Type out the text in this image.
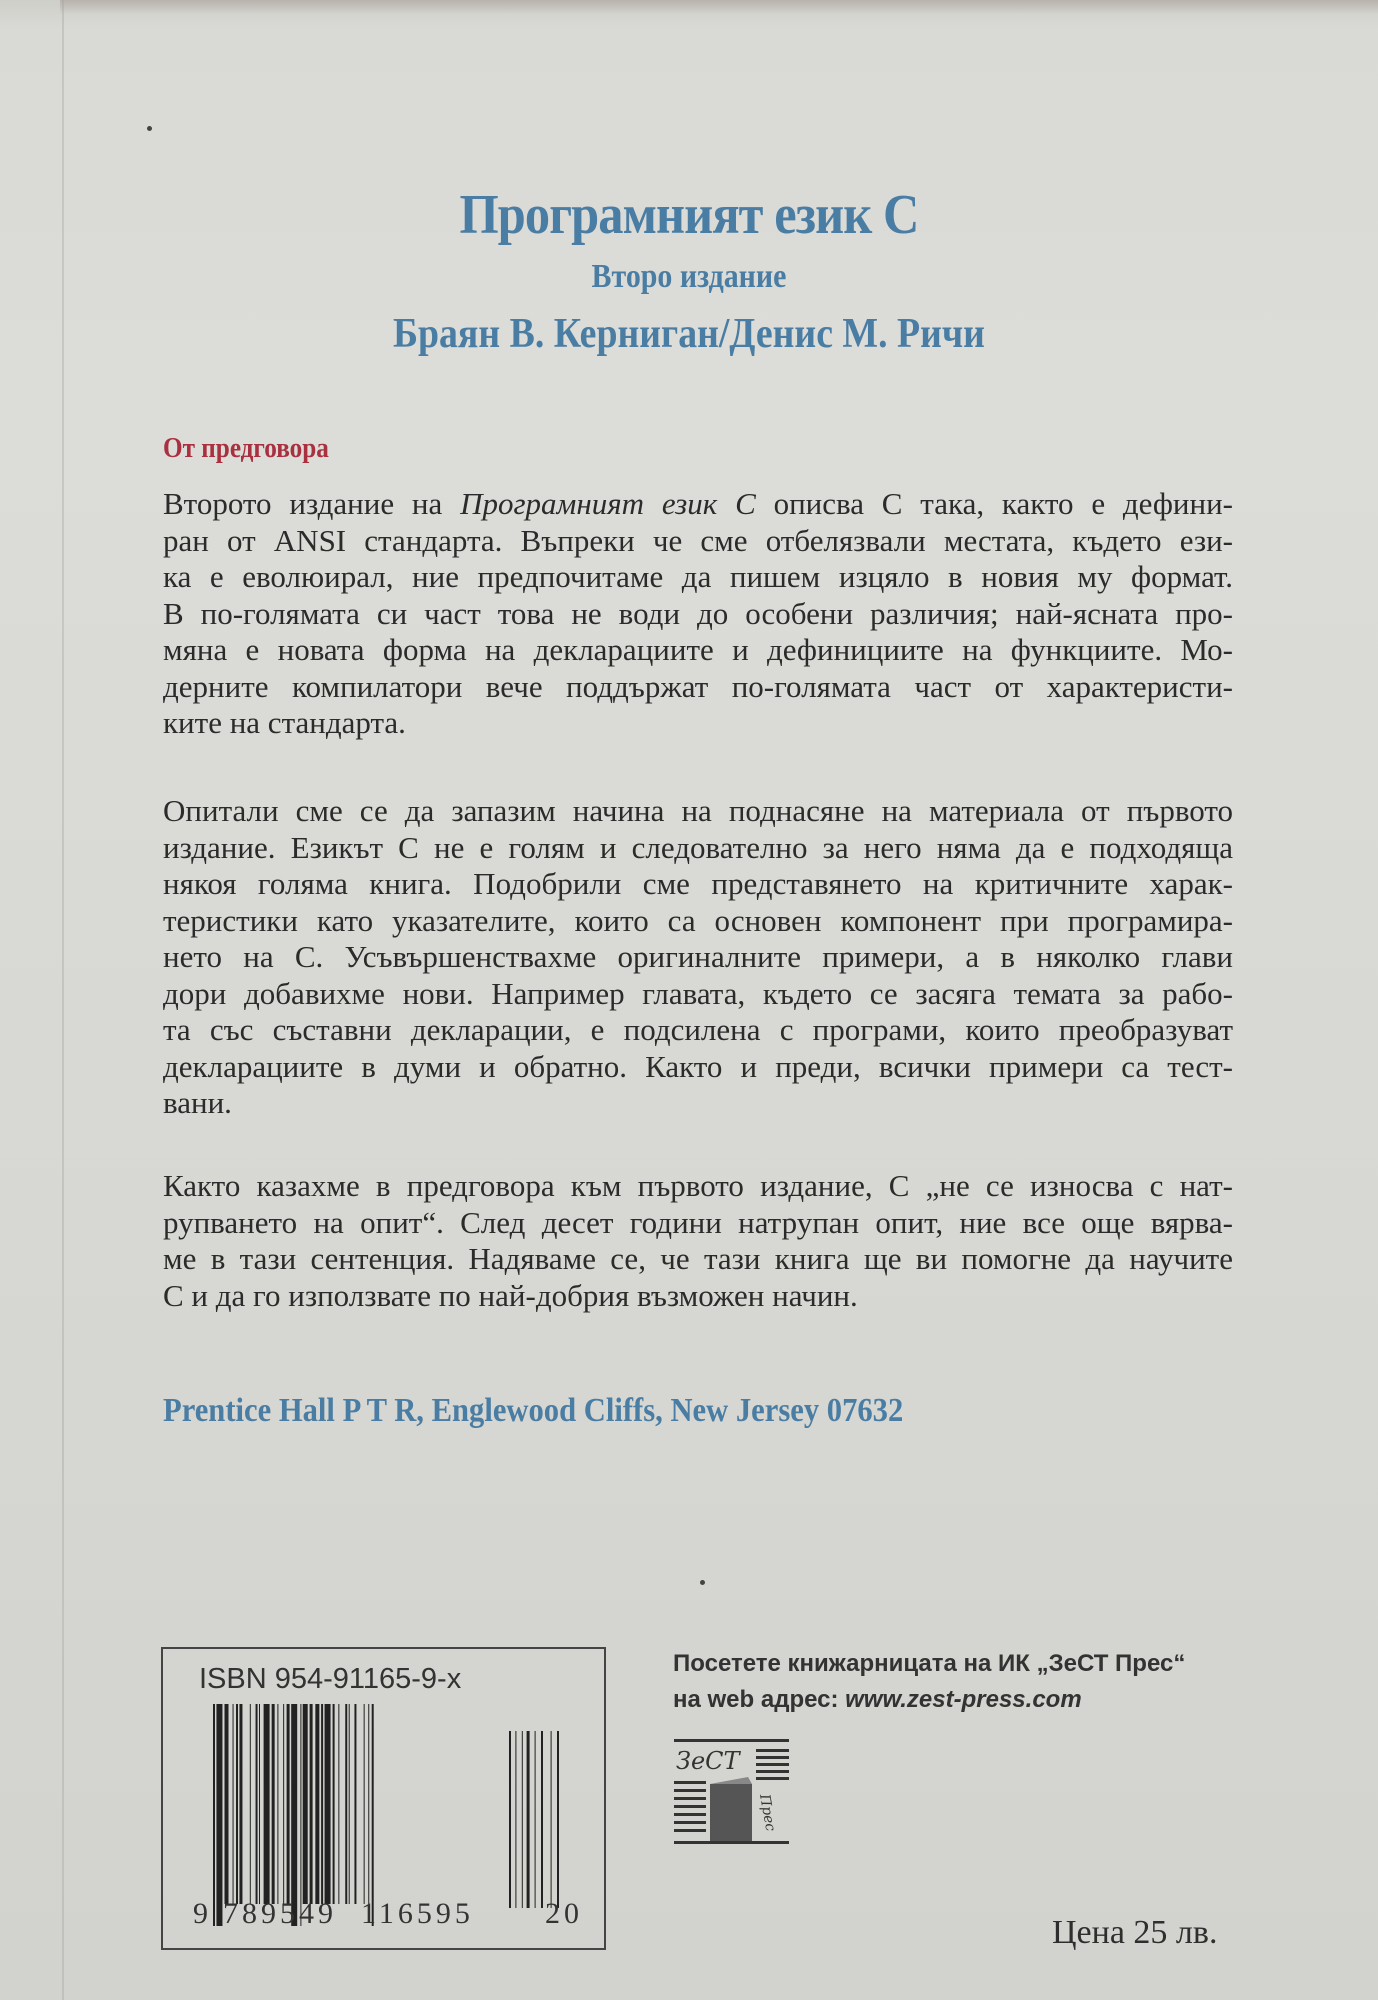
Програмният език C
Второ издание
Браян В. Керниган/Денис М. Ричи
От предговора
Второто издание на Програмният език C описва C така, както е дефини-
ран от ANSI стандарта. Въпреки че сме отбелязвали местата, където ези-
ка е еволюирал, ние предпочитаме да пишем изцяло в новия му формат.
В по-голямата си част това не води до особени различия; най-ясната про-
мяна е новата форма на декларациите и дефинициите на функциите. Мо-
дерните компилатори вече поддържат по-голямата част от характеристи-
ките на стандарта.
Опитали сме се да запазим начина на поднасяне на материала от първото
издание. Езикът C не е голям и следователно за него няма да е подходяща
някоя голяма книга. Подобрили сме представянето на критичните харак-
теристики като указателите, които са основен компонент при програмира-
нето на C. Усъвършенствахме оригиналните примери, а в няколко глави
дори добавихме нови. Например главата, където се засяга темата за рабо-
та със съставни декларации, е подсилена с програми, които преобразуват
декларациите в думи и обратно. Както и преди, всички примери са тест-
вани.
Както казахме в предговора към първото издание, C „не се износва с нат-
рупването на опит“. След десет години натрупан опит, ние все още вярва-
ме в тази сентенция. Надяваме се, че тази книга ще ви помогне да научите
C и да го използвате по най-добрия възможен начин.
Prentice Hall P T R, Englewood Cliffs, New Jersey 07632
ISBN 954-91165-9-x
9 789549 116595 20
Посетете книжарницата на ИК „ЗеСТ Прес“
на web адрес: www.zest-press.com
ЗеСТ
Прес
Цена 25 лв.
